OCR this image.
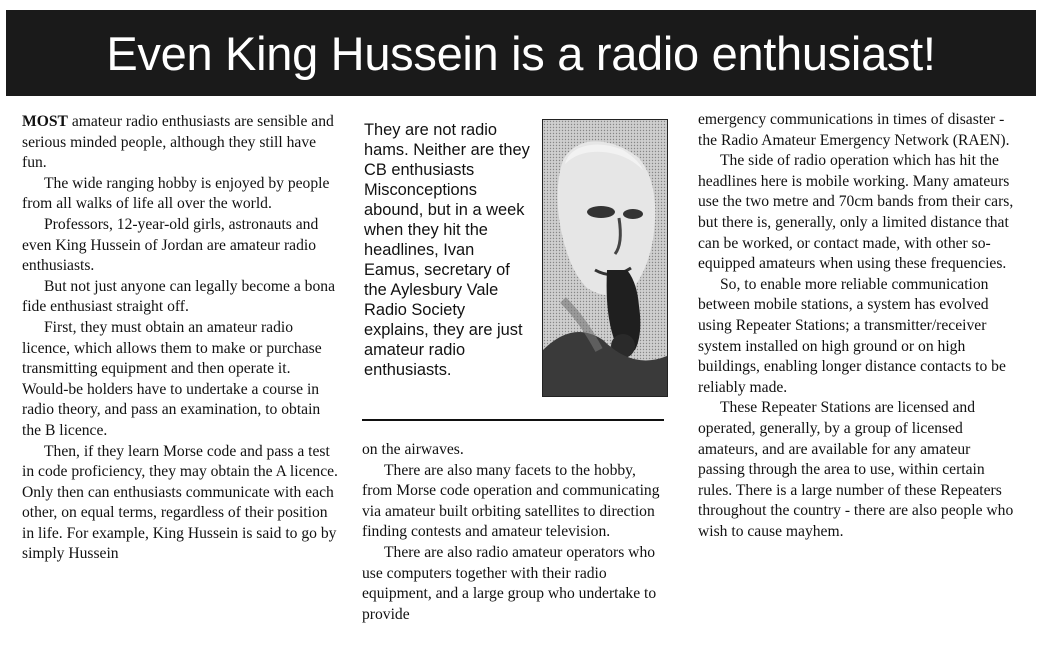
Even King Hussein is a radio enthusiast!

MOST amateur radio enthusiasts are sensible and serious minded people, although they still have fun.

The wide ranging hobby is enjoyed by people from all walks of life all over the world.

Professors, 12-year-old girls, astronauts and even King Hussein of Jordan are amateur radio enthusiasts.

But not just anyone can legally become a bona fide enthusiast straight off.

First, they must obtain an amateur radio licence, which allows them to make or purchase transmitting equipment and then operate it.

Would-be holders have to undertake a course in radio theory, and pass an examination, to obtain the B licence.

Then, if they learn Morse code and pass a test in code proficiency, they may obtain the A licence. Only then can enthusiasts communicate with each other, on equal terms, regardless of their position in life. For example, King Hussein is said to go by simply Hussein

They are not radio hams. Neither are they CB enthusiasts Misconceptions abound, but in a week when they hit the headlines, Ivan Eamus, secretary of the Aylesbury Vale Radio Society explains, they are just amateur radio enthusiasts.

on the airwaves.

There are also many facets to the hobby, from Morse code operation and communicating via amateur built orbiting satellites to direction finding contests and amateur television.

There are also radio amateur operators who use computers together with their radio equipment, and a large group who undertake to provide

emergency communications in times of disaster - the Radio Amateur Emergency Network (RAEN).

The side of radio operation which has hit the headlines here is mobile working. Many amateurs use the two metre and 70cm bands from their cars, but there is, generally, only a limited distance that can be worked, or contact made, with other so-equipped amateurs when using these frequencies.

So, to enable more reliable communication between mobile stations, a system has evolved using Repeater Stations; a transmitter/receiver system installed on high ground or on high buildings, enabling longer distance contacts to be reliably made.

These Repeater Stations are licensed and operated, generally, by a group of licensed amateurs, and are available for any amateur passing through the area to use, within certain rules. There is a large number of these Repeaters throughout the country - there are also people who wish to cause mayhem.
